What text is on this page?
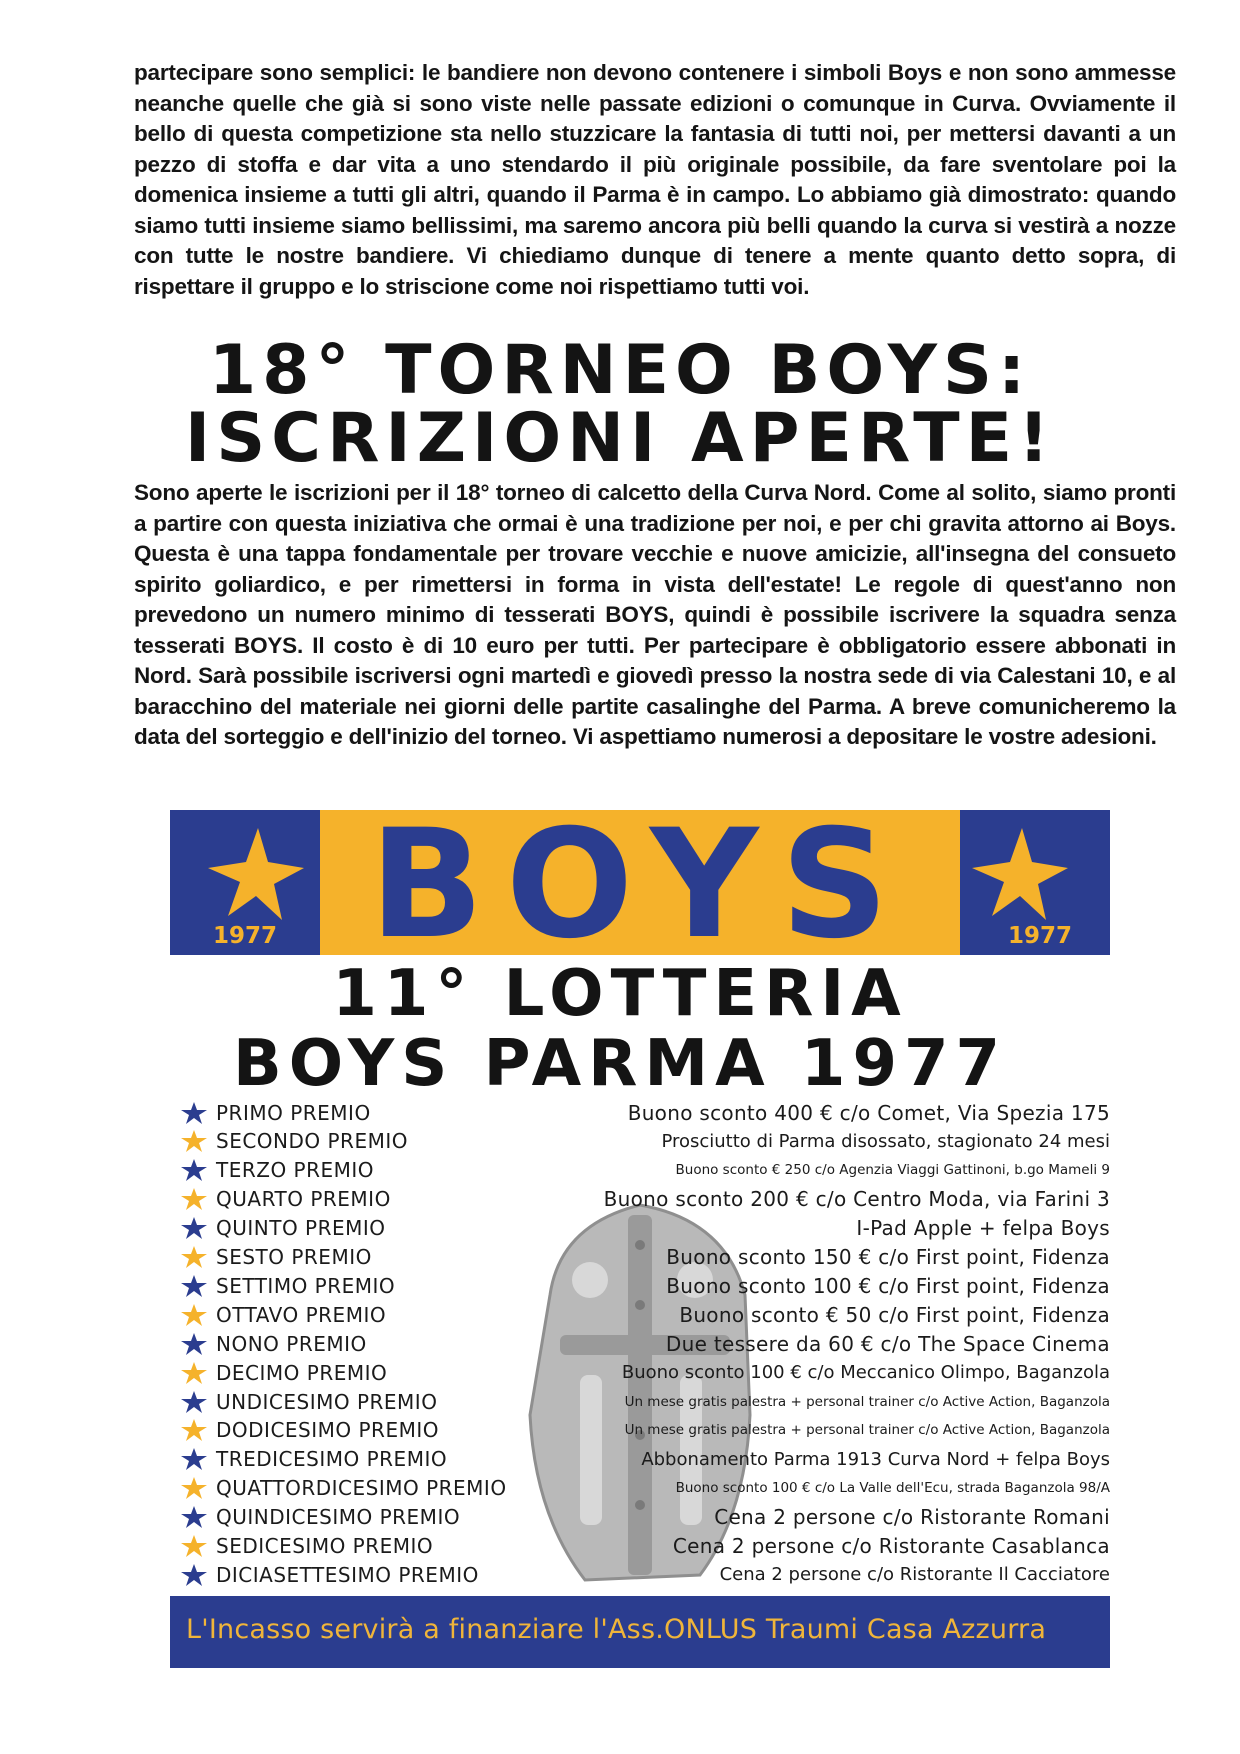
partecipare sono semplici: le bandiere non devono contenere i simboli Boys e non sono ammesse neanche quelle che già si sono viste nelle passate edizioni o comunque in Curva. Ovviamente il bello di questa competizione sta nello stuzzicare la fantasia di tutti noi, per mettersi davanti a un pezzo di stoffa e dar vita a uno stendardo il più originale possibile, da fare sventolare poi la domenica insieme a tutti gli altri, quando il Parma è in campo. Lo abbiamo già dimostrato: quando siamo tutti insieme siamo bellissimi, ma saremo ancora più belli quando la curva si vestirà a nozze con tutte le nostre bandiere. Vi chiediamo dunque di tenere a mente quanto detto sopra, di rispettare il gruppo e lo striscione come noi rispettiamo tutti voi.

18° TORNEO BOYS:
ISCRIZIONI APERTE!

Sono aperte le iscrizioni per il 18° torneo di calcetto della Curva Nord. Come al solito, siamo pronti a partire con questa iniziativa che ormai è una tradizione per noi, e per chi gravita attorno ai Boys. Questa è una tappa fondamentale per trovare vecchie e nuove amicizie, all'insegna del consueto spirito goliardico, e per rimettersi in forma in vista dell'estate! Le regole di quest'anno non prevedono un numero minimo di tesserati BOYS, quindi è possibile iscrivere la squadra senza tesserati BOYS. Il costo è di 10 euro per tutti. Per partecipare è obbligatorio essere abbonati in Nord. Sarà possibile iscriversi ogni martedì e giovedì presso la nostra sede di via Calestani 10, e al baracchino del materiale nei giorni delle partite casalinghe del Parma. A breve comunicheremo la data del sorteggio e dell'inizio del torneo. Vi aspettiamo numerosi a depositare le vostre adesioni.

BOYS
1977	1977
11° LOTTERIA
BOYS PARMA 1977
PRIMO PREMIO	Buono sconto 400 € c/o Comet, Via Spezia 175
SECONDO PREMIO	Prosciutto di Parma disossato, stagionato 24 mesi
TERZO PREMIO	Buono sconto € 250 c/o Agenzia Viaggi Gattinoni, b.go Mameli 9
QUARTO PREMIO	Buono sconto 200 € c/o Centro Moda, via Farini 3
QUINTO PREMIO	I-Pad Apple + felpa Boys
SESTO PREMIO	Buono sconto 150 € c/o First point, Fidenza
SETTIMO PREMIO	Buono sconto 100 € c/o First point, Fidenza
OTTAVO PREMIO	Buono sconto € 50 c/o First point, Fidenza
NONO PREMIO	Due tessere da 60 € c/o The Space Cinema
DECIMO PREMIO	Buono sconto 100 € c/o Meccanico Olimpo, Baganzola
UNDICESIMO PREMIO	Un mese gratis palestra + personal trainer c/o Active Action, Baganzola
DODICESIMO PREMIO	Un mese gratis palestra + personal trainer c/o Active Action, Baganzola
TREDICESIMO PREMIO	Abbonamento Parma 1913 Curva Nord + felpa Boys
QUATTORDICESIMO PREMIO	Buono sconto 100 € c/o La Valle dell'Ecu, strada Baganzola 98/A
QUINDICESIMO PREMIO	Cena 2 persone c/o Ristorante Romani
SEDICESIMO PREMIO	Cena 2 persone c/o Ristorante Casablanca
DICIASETTESIMO PREMIO	Cena 2 persone c/o Ristorante Il Cacciatore
L'Incasso servirà a finanziare l'Ass.ONLUS Traumi Casa Azzurra
